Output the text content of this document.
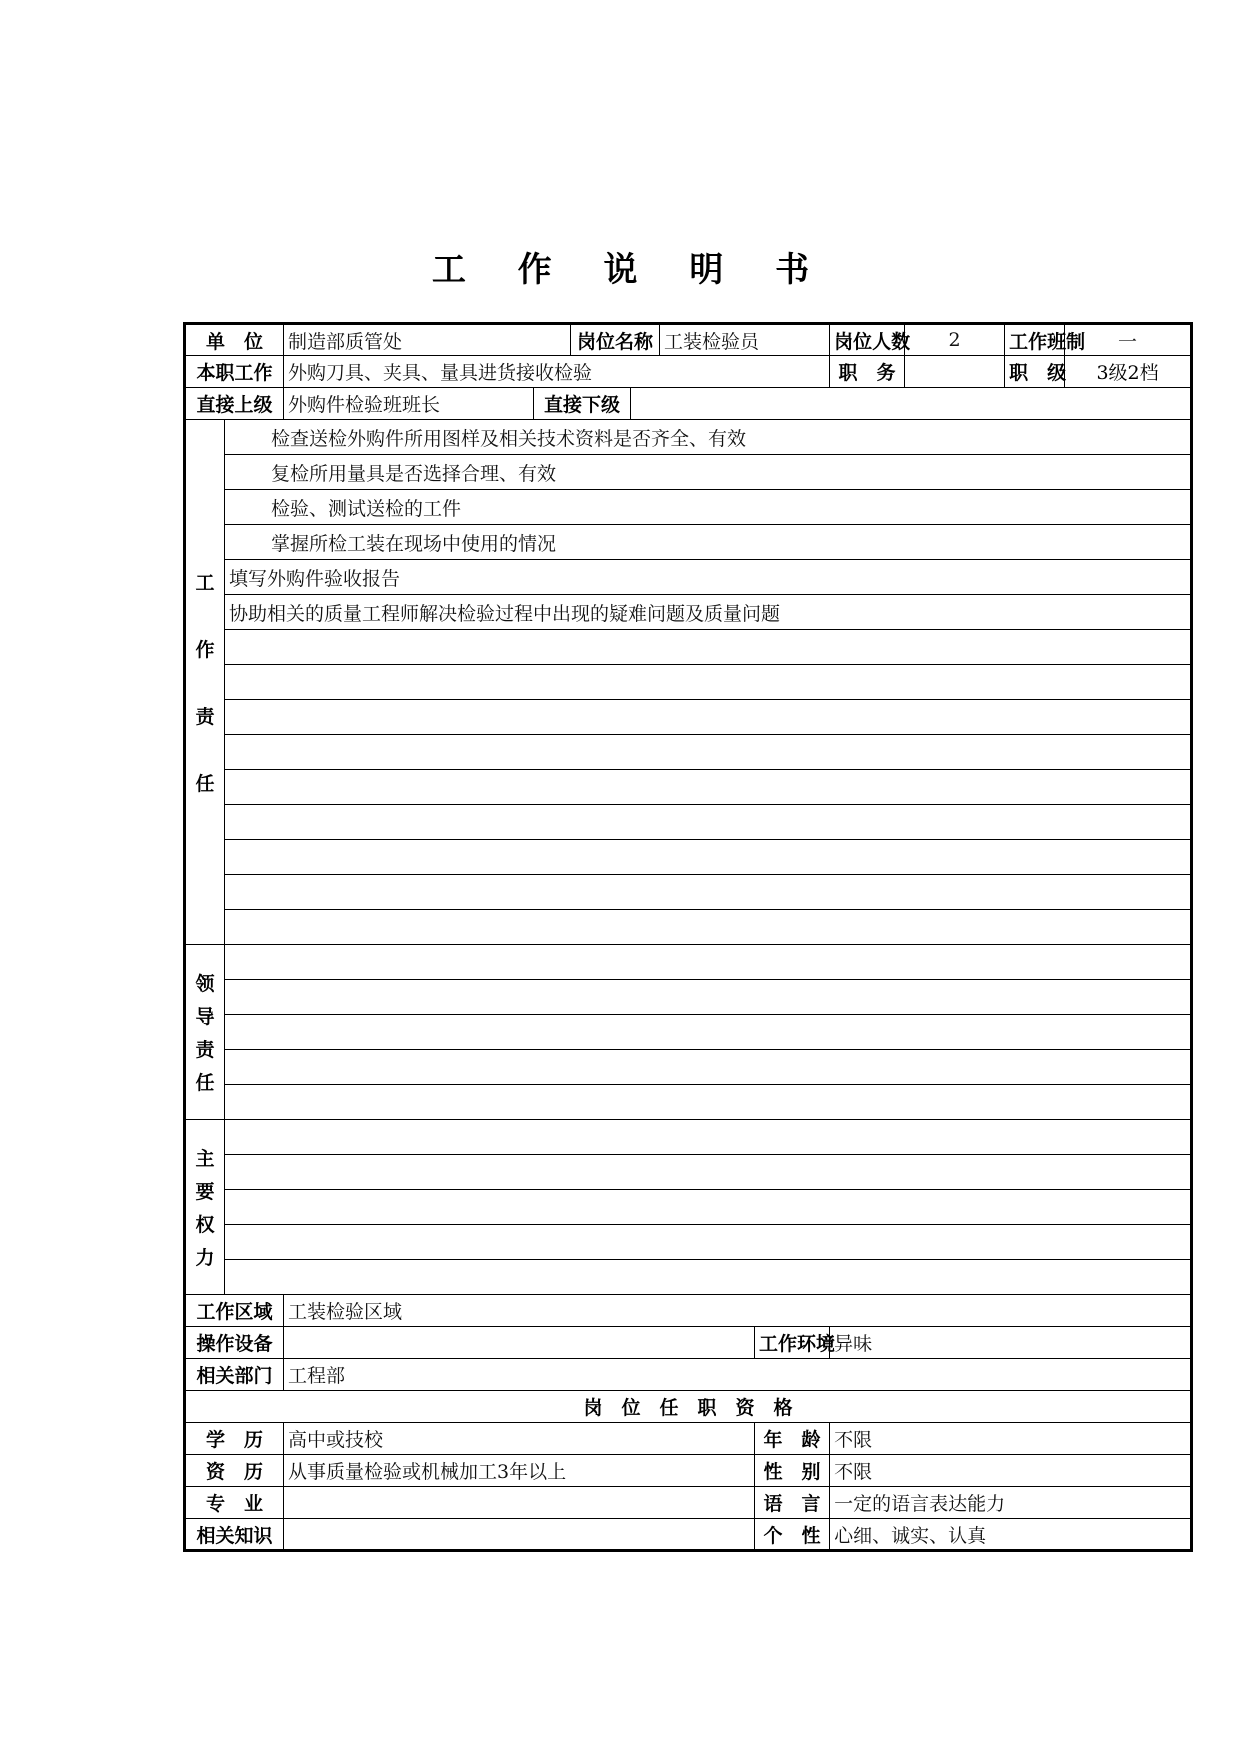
工 作 说 明 书
单　位		制造部质管处		岗位名称		工装检验员		岗位人数	2	工作班制	一
本职工作		外购刀具、夹具、量具进货接收检验						职　务		职　级	3级2档
直接上级		外购件检验班班长	直接下级								

工
作
责
任	检查送检外购件所用图样及相关技术资料是否齐全、有效										
	复检所用量具是否选择合理、有效										
	检验、测试送检的工件										
	掌握所检工装在现场中使用的情况										
	填写外购件验收报告										
	协助相关的质量工程师解决检验过程中出现的疑难问题及质量问题										

领
导
责
任											

主
要
权
力											

工作区域		工装检验区域									
操作设备							工作环境	异味			
相关部门		工程部									
岗　位　任　职　资　格											
学　历		高中或技校					年　龄	不限			
资　历		从事质量检验或机械加工3年以上					性　别	不限			
专　业							语　言	一定的语言表达能力			
相关知识							个　性	心细、诚实、认真			
